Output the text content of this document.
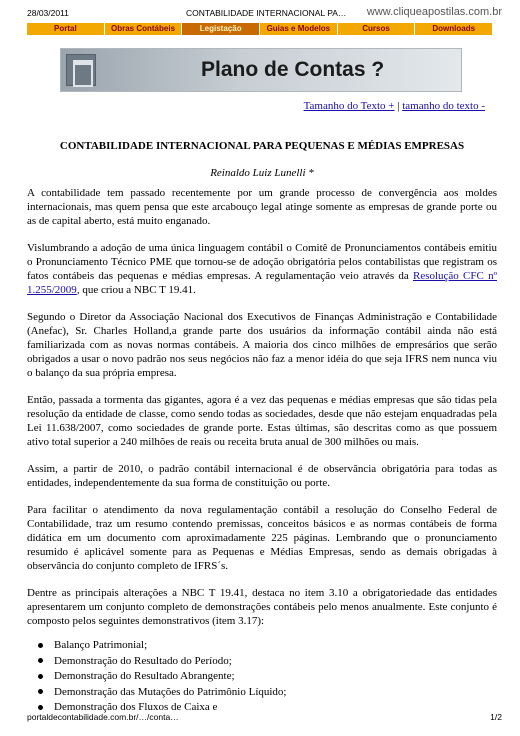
28/03/2011	CONTABILIDADE INTERNACIONAL PA… www.cliqueapostilas.com.br
Portal	Obras Contábeis	Legistação	Guias e Modelos	Cursos	Downloads
Plano de Contas ?
Tamanho do Texto + | tamanho do texto -
CONTABILIDADE INTERNACIONAL PARA PEQUENAS E MÉDIAS EMPRESAS
Reinaldo Luiz Lunelli *

A contabilidade tem passado recentemente por um grande processo de convergência aos moldes internacionais, mas quem pensa que este arcabouço legal atinge somente as empresas de grande porte ou as de capital aberto, está muito enganado.

Vislumbrando a adoção de uma única linguagem contábil o Comitê de Pronunciamentos contábeis emitiu o Pronunciamento Técnico PME que tornou-se de adoção obrigatória pelos contabilistas que registram os fatos contábeis das pequenas e médias empresas. A regulamentação veio através da Resolução CFC nº 1.255/2009, que criou a NBC T 19.41.

Segundo o Diretor da Associação Nacional dos Executivos de Finanças Administração e Contabilidade (Anefac), Sr. Charles Holland,a grande parte dos usuários da informação contábil ainda não está familiarizada com as novas normas contábeis. A maioria dos cinco milhões de empresários que serão obrigados a usar o novo padrão nos seus negócios não faz a menor idéia do que seja IFRS nem nunca viu o balanço da sua própria empresa.

Então, passada a tormenta das gigantes, agora é a vez das pequenas e médias empresas que são tidas pela resolução da entidade de classe, como sendo todas as sociedades, desde que não estejam enquadradas pela Lei 11.638/2007, como sociedades de grande porte. Estas últimas, são descritas como as que possuem ativo total superior a 240 milhões de reais ou receita bruta anual de 300 milhões ou mais.

Assim, a partir de 2010, o padrão contábil internacional é de observância obrigatória para todas as entidades, independentemente da sua forma de constituição ou porte.

Para facilitar o atendimento da nova regulamentação contábil a resolução do Conselho Federal de Contabilidade, traz um resumo contendo premissas, conceitos básicos e as normas contábeis de forma didática em um documento com aproximadamente 225 páginas. Lembrando que o pronunciamento resumido é aplicável somente para as Pequenas e Médias Empresas, sendo as demais obrigadas à observância do conjunto completo de IFRS´s.

Dentre as principais alterações a NBC T 19.41, destaca no item 3.10 a obrigatoriedade das entidades apresentarem um conjunto completo de demonstrações contábeis pelo menos anualmente. Este conjunto é composto pelos seguintes demonstrativos (item 3.17):

Balanço Patrimonial;
Demonstração do Resultado do Período;
Demonstração do Resultado Abrangente;
Demonstração das Mutações do Patrimônio Líquido;
Demonstração dos Fluxos de Caixa e
portaldecontabilidade.com.br/…/conta…	1/2
